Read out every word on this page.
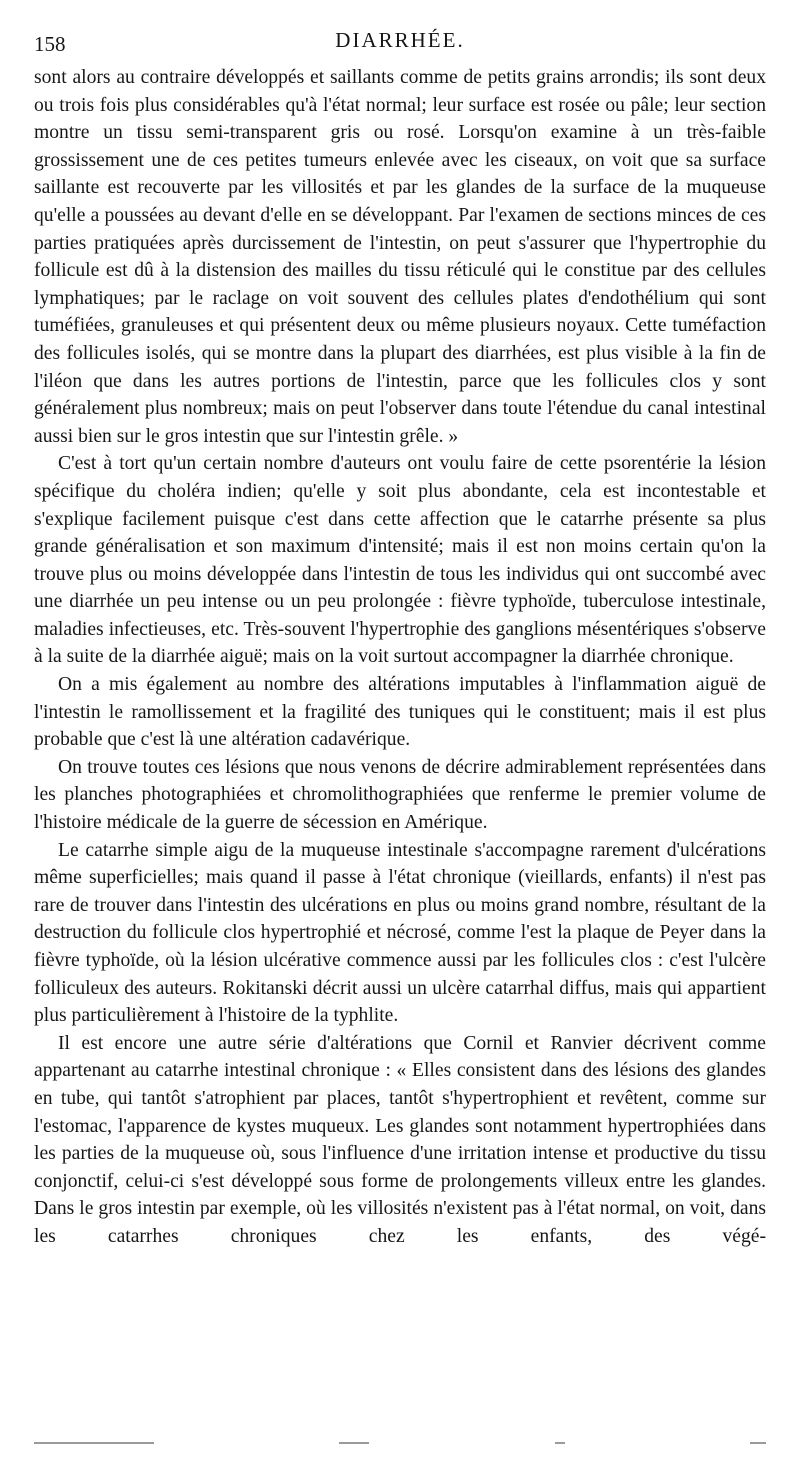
158	DIARRHÉE.

sont alors au contraire développés et saillants comme de petits grains arrondis; ils sont deux ou trois fois plus considérables qu'à l'état normal; leur surface est rosée ou pâle; leur section montre un tissu semi-transparent gris ou rosé. Lorsqu'on examine à un très-faible grossissement une de ces petites tumeurs enlevée avec les ciseaux, on voit que sa surface saillante est recouverte par les villosités et par les glandes de la surface de la muqueuse qu'elle a poussées au devant d'elle en se développant. Par l'examen de sections minces de ces parties pratiquées après durcissement de l'intestin, on peut s'assurer que l'hypertrophie du follicule est dû à la distension des mailles du tissu réticulé qui le constitue par des cellules lymphatiques; par le raclage on voit souvent des cellules plates d'endothélium qui sont tuméfiées, granuleuses et qui présentent deux ou même plusieurs noyaux. Cette tuméfaction des follicules isolés, qui se montre dans la plupart des diarrhées, est plus visible à la fin de l'iléon que dans les autres portions de l'intestin, parce que les follicules clos y sont généralement plus nombreux; mais on peut l'observer dans toute l'étendue du canal intestinal aussi bien sur le gros intestin que sur l'intestin grêle. »

C'est à tort qu'un certain nombre d'auteurs ont voulu faire de cette psorentérie la lésion spécifique du choléra indien; qu'elle y soit plus abondante, cela est incontestable et s'explique facilement puisque c'est dans cette affection que le catarrhe présente sa plus grande généralisation et son maximum d'intensité; mais il est non moins certain qu'on la trouve plus ou moins développée dans l'intestin de tous les individus qui ont succombé avec une diarrhée un peu intense ou un peu prolongée : fièvre typhoïde, tuberculose intestinale, maladies infectieuses, etc. Très-souvent l'hypertrophie des ganglions mésentériques s'observe à la suite de la diarrhée aiguë; mais on la voit surtout accompagner la diarrhée chronique.

On a mis également au nombre des altérations imputables à l'inflammation aiguë de l'intestin le ramollissement et la fragilité des tuniques qui le constituent; mais il est plus probable que c'est là une altération cadavérique.

On trouve toutes ces lésions que nous venons de décrire admirablement représentées dans les planches photographiées et chromolithographiées que renferme le premier volume de l'histoire médicale de la guerre de sécession en Amérique.

Le catarrhe simple aigu de la muqueuse intestinale s'accompagne rarement d'ulcérations même superficielles; mais quand il passe à l'état chronique (vieillards, enfants) il n'est pas rare de trouver dans l'intestin des ulcérations en plus ou moins grand nombre, résultant de la destruction du follicule clos hypertrophié et nécrosé, comme l'est la plaque de Peyer dans la fièvre typhoïde, où la lésion ulcérative commence aussi par les follicules clos : c'est l'ulcère folliculeux des auteurs. Rokitanski décrit aussi un ulcère catarrhal diffus, mais qui appartient plus particulièrement à l'histoire de la typhlite.

Il est encore une autre série d'altérations que Cornil et Ranvier décrivent comme appartenant au catarrhe intestinal chronique : « Elles consistent dans des lésions des glandes en tube, qui tantôt s'atrophient par places, tantôt s'hypertrophient et revêtent, comme sur l'estomac, l'apparence de kystes muqueux. Les glandes sont notamment hypertrophiées dans les parties de la muqueuse où, sous l'influence d'une irritation intense et productive du tissu conjonctif, celui-ci s'est développé sous forme de prolongements villeux entre les glandes. Dans le gros intestin par exemple, où les villosités n'existent pas à l'état normal, on voit, dans les catarrhes chroniques chez les enfants, des végé-
